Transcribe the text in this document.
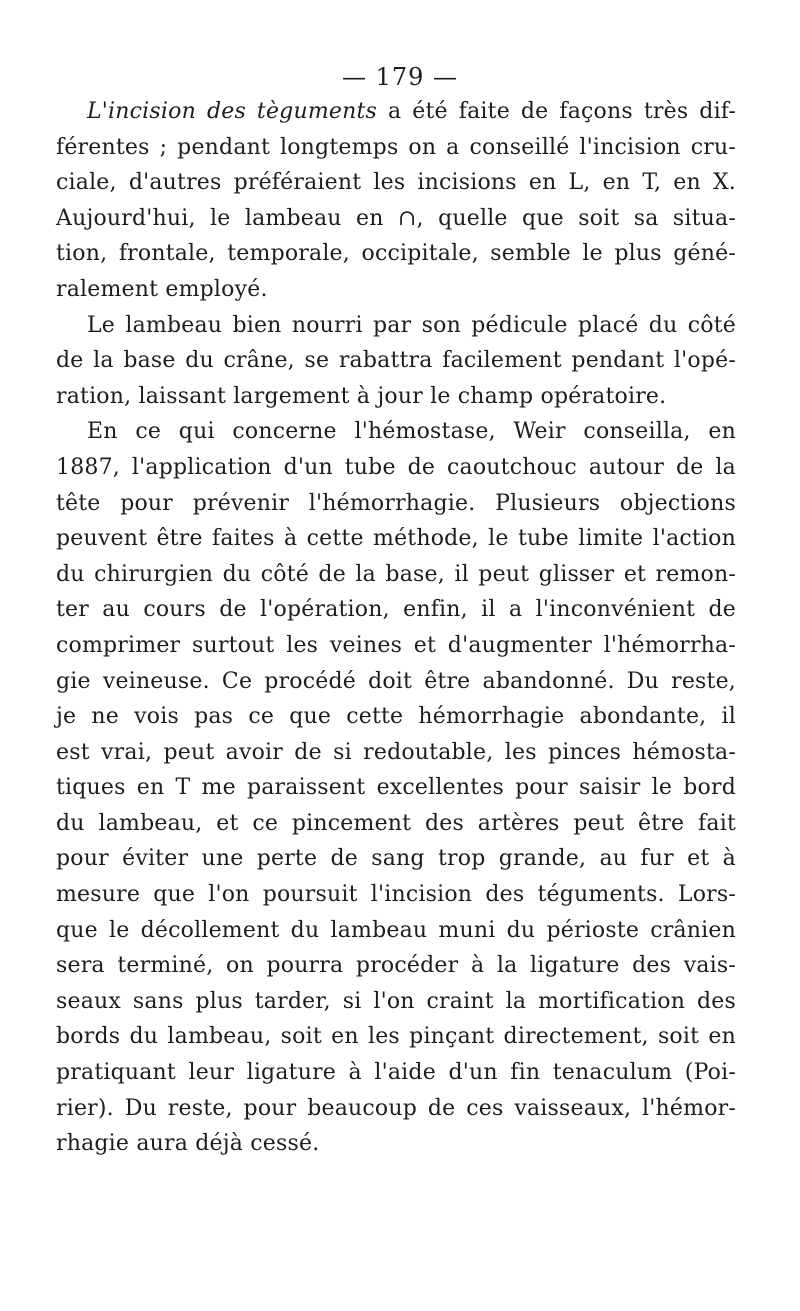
— 179 —
L'incision des tèguments a été faite de façons très dif-
férentes ; pendant longtemps on a conseillé l'incision cru-
ciale, d'autres préféraient les incisions en L, en T, en X.
Aujourd'hui, le lambeau en ∩, quelle que soit sa situa-
tion, frontale, temporale, occipitale, semble le plus géné-
ralement employé.
Le lambeau bien nourri par son pédicule placé du côté
de la base du crâne, se rabattra facilement pendant l'opé-
ration, laissant largement à jour le champ opératoire.
En ce qui concerne l'hémostase, Weir conseilla, en
1887, l'application d'un tube de caoutchouc autour de la
tête pour prévenir l'hémorrhagie. Plusieurs objections
peuvent être faites à cette méthode, le tube limite l'action
du chirurgien du côté de la base, il peut glisser et remon-
ter au cours de l'opération, enfin, il a l'inconvénient de
comprimer surtout les veines et d'augmenter l'hémorrha-
gie veineuse. Ce procédé doit être abandonné. Du reste,
je ne vois pas ce que cette hémorrhagie abondante, il
est vrai, peut avoir de si redoutable, les pinces hémosta-
tiques en T me paraissent excellentes pour saisir le bord
du lambeau, et ce pincement des artères peut être fait
pour éviter une perte de sang trop grande, au fur et à
mesure que l'on poursuit l'incision des téguments. Lors-
que le décollement du lambeau muni du périoste crânien
sera terminé, on pourra procéder à la ligature des vais-
seaux sans plus tarder, si l'on craint la mortification des
bords du lambeau, soit en les pinçant directement, soit en
pratiquant leur ligature à l'aide d'un fin tenaculum (Poi-
rier). Du reste, pour beaucoup de ces vaisseaux, l'hémor-
rhagie aura déjà cessé.
